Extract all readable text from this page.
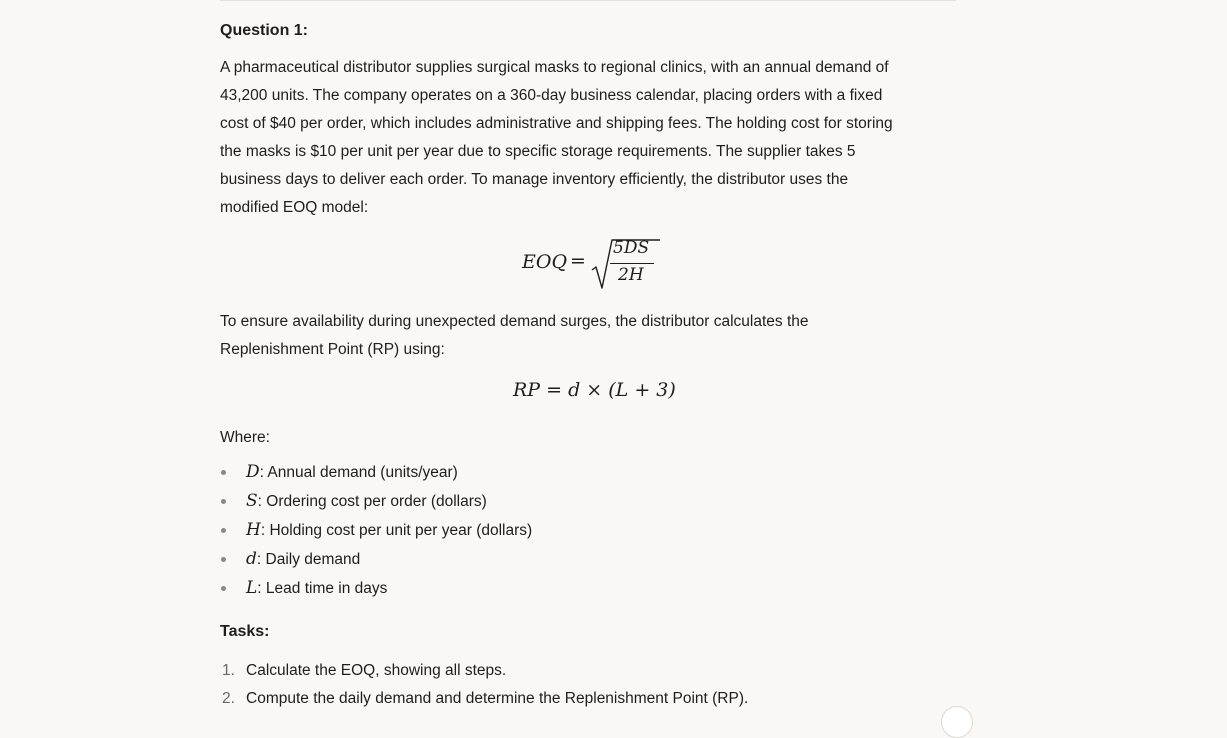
Question 1:

A pharmaceutical distributor supplies surgical masks to regional clinics, with an annual demand of
43,200 units. The company operates on a 360-day business calendar, placing orders with a fixed
cost of $40 per order, which includes administrative and shipping fees. The holding cost for storing
the masks is $10 per unit per year due to specific storage requirements. The supplier takes 5
business days to deliver each order. To manage inventory efficiently, the distributor uses the
modified EOQ model:
EOQ =
5DS
2H
To ensure availability during unexpected demand surges, the distributor calculates the
Replenishment Point (RP) using:
RP = d × (L + 3)

Where:

D: Annual demand (units/year)
S: Ordering cost per order (dollars)
H: Holding cost per unit per year (dollars)
d: Daily demand
L: Lead time in days

Tasks:

1. Calculate the EOQ, showing all steps.
2. Compute the daily demand and determine the Replenishment Point (RP).
